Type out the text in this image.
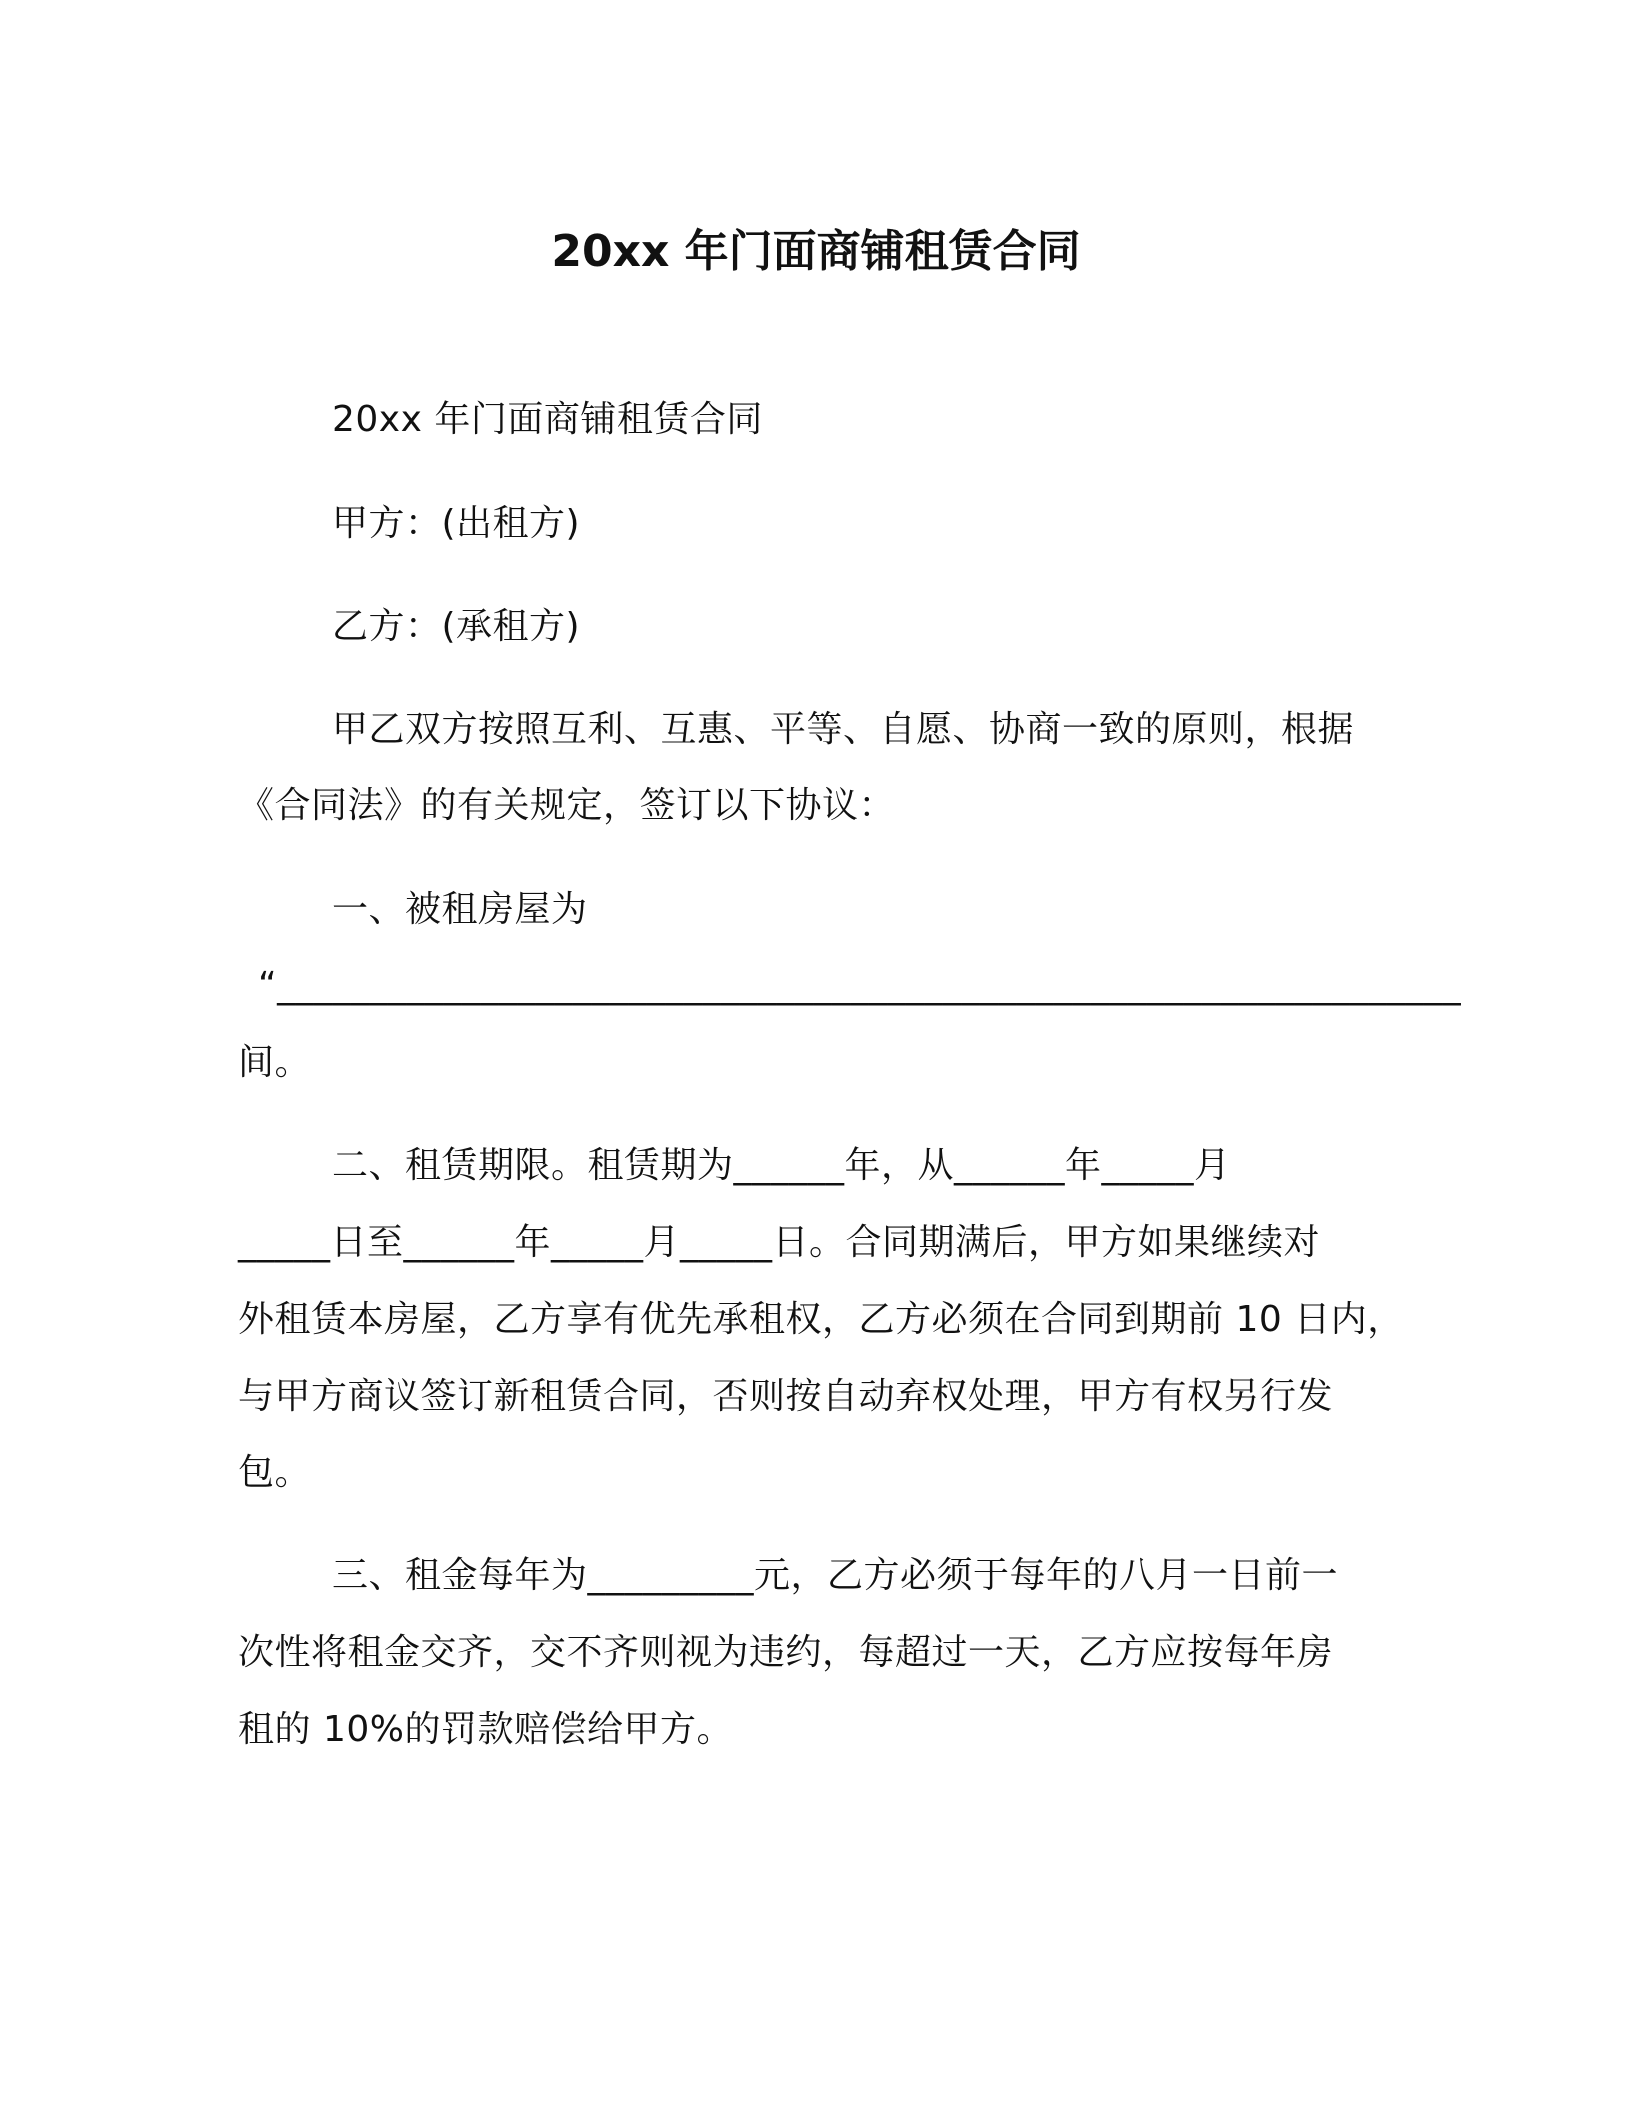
20xx 年门面商铺租赁合同
20xx 年门面商铺租赁合同
甲方：(出租方)
乙方：(承租方)
甲乙双方按照互利、互惠、平等、自愿、协商一致的原则，根据
《合同法》的有关规定，签订以下协议：
一、被租房屋为
“________________________________________________________________
间。
二、租赁期限。租赁期为______年，从______年_____月
_____日至______年_____月_____日。合同期满后，甲方如果继续对
外租赁本房屋，乙方享有优先承租权，乙方必须在合同到期前 10 日内，
与甲方商议签订新租赁合同，否则按自动弃权处理，甲方有权另行发
包。
三、租金每年为_________元，乙方必须于每年的八月一日前一
次性将租金交齐，交不齐则视为违约，每超过一天，乙方应按每年房
租的 10%的罚款赔偿给甲方。
